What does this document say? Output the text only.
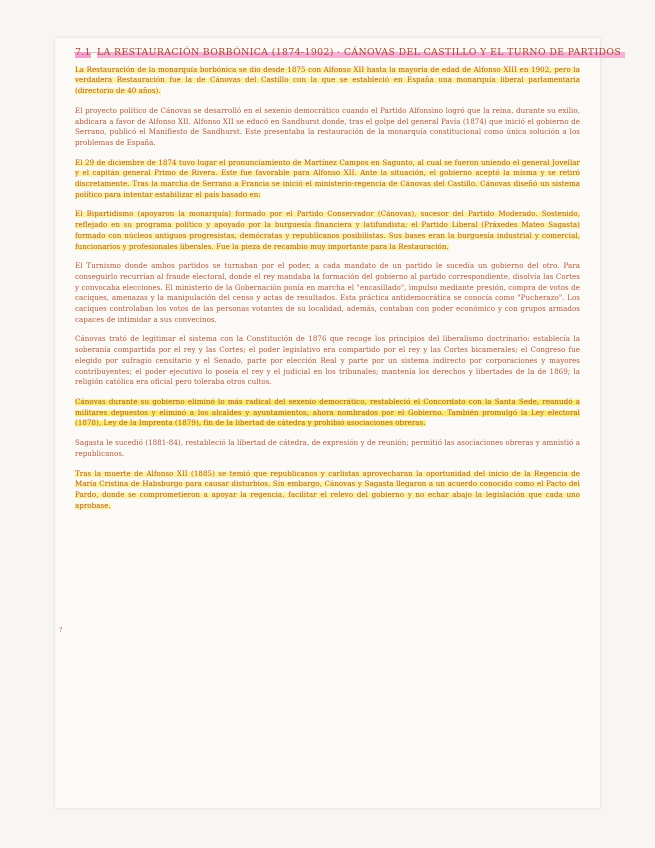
?
7.1 LA RESTAURACIÓN BORBÓNICA (1874-1902) · CÁNOVAS DEL CASTILLO Y EL TURNO DE PARTIDOS

La Restauración de la monarquía borbónica se dio desde 1875 con Alfonso XII hasta la mayoría de edad de Alfonso XIII en 1902, pero la verdadera Restauración fue la de Cánovas del Castillo con la que se estableció en España una monarquía liberal parlamentaria (directorio de 40 años).

El proyecto político de Cánovas se desarrolló en el sexenio democrático cuando el Partido Alfonsino logró que la reina, durante su exilio, abdicara a favor de Alfonso XII. Alfonso XII se educó en Sandhurst donde, tras el golpe del general Pavía (1874) que inició el gobierno de Serrano, publicó el Manifiesto de Sandhurst. Este presentaba la restauración de la monarquía constitucional como única solución a los problemas de España.

El 29 de diciembre de 1874 tuvo lugar el pronunciamiento de Martínez Campos en Sagunto, al cual se fueron uniendo el general Jovellar y el capitán general Primo de Rivera. Este fue favorable para Alfonso XII. Ante la situación, el gobierno aceptó la misma y se retiró discretamente. Tras la marcha de Serrano a Francia se inició el ministerio-regencia de Cánovas del Castillo. Cánovas diseñó un sistema político para intentar estabilizar el país basado en:

El Bipartidismo (apoyaron la monarquía) formado por el Partido Conservador (Cánovas), sucesor del Partido Moderado. Sostenido, reflejado en su programa político y apoyado por la burguesía financiera y latifundista; el Partido Liberal (Práxedes Mateo Sagasta) formado con núcleos antiguos progresistas, demócratas y republicanos posibilistas. Sus bases eran la burguesía industrial y comercial, funcionarios y profesionales liberales. Fue la pieza de recambio muy importante para la Restauración.

El Turnismo donde ambos partidos se turnaban por el poder, a cada mandato de un partido le sucedía un gobierno del otro. Para conseguirlo recurrían al fraude electoral, donde el rey mandaba la formación del gobierno al partido correspondiente, disolvía las Cortes y convocaba elecciones. El ministerio de la Gobernación ponía en marcha el "encasillado", impulso mediante presión, compra de votos de caciques, amenazas y la manipulación del censo y actas de resultados. Esta práctica antidemocrática se conocía como "Pucherazo". Los caciques controlaban los votos de las personas votantes de su localidad, además, contaban con poder económico y con grupos armados capaces de intimidar a sus convecinos.

Cánovas trató de legitimar el sistema con la Constitución de 1876 que recoge los principios del liberalismo doctrinario: establecía la soberanía compartida por el rey y las Cortes; el poder legislativo era compartido por el rey y las Cortes bicamerales; el Congreso fue elegido por sufragio censitario y el Senado, parte por elección Real y parte por un sistema indirecto por corporaciones y mayores contribuyentes; el poder ejecutivo lo poseía el rey y el judicial en los tribunales; mantenía los derechos y libertades de la de 1869; la religión católica era oficial pero toleraba otros cultos.

Cánovas durante su gobierno eliminó lo más radical del sexenio democrático, restableció el Concordato con la Santa Sede, reanudó a militares depuestos y eliminó a los alcaldes y ayuntamientos, ahora nombrados por el Gobierno. También promulgó la Ley electoral (1878), Ley de la Imprenta (1879), fin de la libertad de cátedra y prohibió asociaciones obreras.

Sagasta le sucedió (1881-84), restableció la libertad de cátedra, de expresión y de reunión; permitió las asociaciones obreras y amnistió a republicanos.

Tras la muerte de Alfonso XII (1885) se temió que republicanos y carlistas aprovecharan la oportunidad del inicio de la Regencia de María Cristina de Habsburgo para causar disturbios. Sin embargo, Cánovas y Sagasta llegaron a un acuerdo conocido como el Pacto del Pardo, donde se comprometieron a apoyar la regencia, facilitar el relevo del gobierno y no echar abajo la legislación que cada uno aprobase.
